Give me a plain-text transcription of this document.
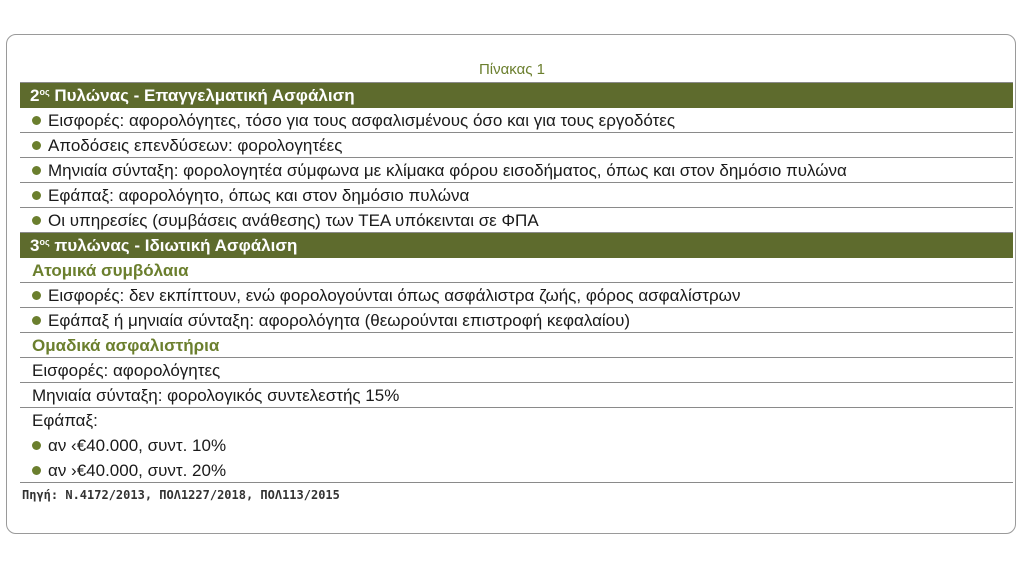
Πίνακας 1
$2^{o\varsigma}$ Πυλώνας - Επαγγελματική Ασφάλιση
Εισφορές: αφορολόγητες, τόσο για τους ασφαλισμένους όσο και για τους εργοδότες
Αποδόσεις επενδύσεων: φορολογητέες
Μηνιαία σύνταξη: φορολογητέα σύμφωνα με κλίμακα φόρου εισοδήματος, όπως και στον δημόσιο πυλώνα
Εφάπαξ: αφορολόγητο, όπως και στον δημόσιο πυλώνα
Οι υπηρεσίες (συμβάσεις ανάθεσης) των ΤΕΑ υπόκεινται σε ΦΠΑ
$3^{o\varsigma}$ πυλώνας - Ιδιωτική Ασφάλιση
Ατομικά συμβόλαια
Εισφορές: δεν εκπίπτουν, ενώ φορολογούνται όπως ασφάλιστρα ζωής, φόρος ασφαλίστρων
Εφάπαξ ή μηνιαία σύνταξη: αφορολόγητα (θεωρούνται επιστροφή κεφαλαίου)
Ομαδικά ασφαλιστήρια
Εισφορές: αφορολόγητες
Μηνιαία σύνταξη: φορολογικός συντελεστής 15%
Εφάπαξ:
αν ‹€40.000, συντ. 10%
αν ›€40.000, συντ. 20%
Πηγή: Ν.4172/2013, ΠΟΛ1227/2018, ΠΟΛ113/2015
